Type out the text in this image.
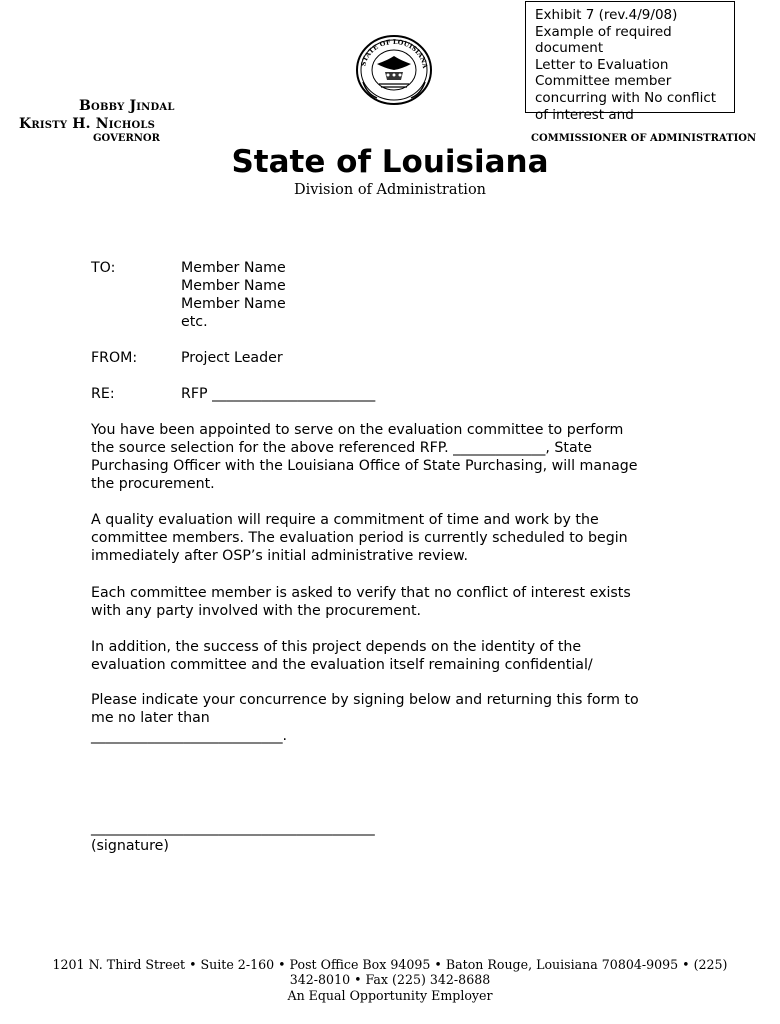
Exhibit 7 (rev.4/9/08)
Example of required
document
Letter to Evaluation
Committee member
concurring with No conflict
of interest and
STATE OF LOUISIANA
Bobby Jindal
Kristy H. Nichols
GOVERNOR	COMMISSIONER OF ADMINISTRATION
State of Louisiana
Division of Administration
TO:	Member Name
Member Name
Member Name
etc.
FROM:	Project Leader
RE:	RFP _______________________
You have been appointed to serve on the evaluation committee to perform
the source selection for the above referenced RFP. _____________, State
Purchasing Officer with the Louisiana Office of State Purchasing, will manage
the procurement.
A quality evaluation will require a commitment of time and work by the
committee members. The evaluation period is currently scheduled to begin
immediately after OSP’s initial administrative review.
Each committee member is asked to verify that no conflict of interest exists
with any party involved with the procurement.
In addition, the success of this project depends on the identity of the
evaluation committee and the evaluation itself remaining confidential/
Please indicate your concurrence by signing below and returning this form to
me no later than
___________________________.
________________________________________
(signature)
1201 N. Third Street • Suite 2-160 • Post Office Box 94095 • Baton Rouge, Louisiana 70804-9095 • (225)
342-8010 • Fax (225) 342-8688
An Equal Opportunity Employer
